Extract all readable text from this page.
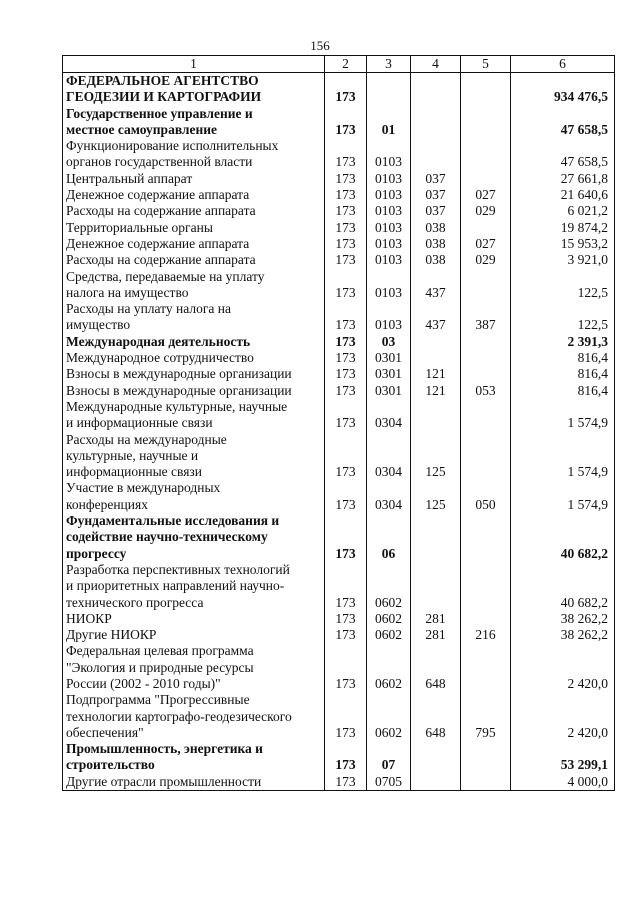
156
1	2	3	4	5	6
ФЕДЕРАЛЬНОЕ АГЕНТСТВО
ГЕОДЕЗИИ И КАРТОГРАФИИ	173				934 476,5
Государственное управление и
местное самоуправление	173	01			47 658,5
Функционирование исполнительных
органов государственной власти	173	0103			47 658,5
Центральный аппарат	173	0103	037		27 661,8
Денежное содержание аппарата	173	0103	037	027	21 640,6
Расходы на содержание аппарата	173	0103	037	029	6 021,2
Территориальные органы	173	0103	038		19 874,2
Денежное содержание аппарата	173	0103	038	027	15 953,2
Расходы на содержание аппарата	173	0103	038	029	3 921,0
Средства, передаваемые на уплату
налога на имущество	173	0103	437		122,5
Расходы на уплату налога на
имущество	173	0103	437	387	122,5
Международная деятельность	173	03			2 391,3
Международное сотрудничество	173	0301			816,4
Взносы в международные организации	173	0301	121		816,4
Взносы в международные организации	173	0301	121	053	816,4
Международные культурные, научные
и информационные связи	173	0304			1 574,9
Расходы на международные
культурные, научные и
информационные связи	173	0304	125		1 574,9
Участие в международных
конференциях	173	0304	125	050	1 574,9
Фундаментальные исследования и
содействие научно-техническому
прогрессу	173	06			40 682,2
Разработка перспективных технологий
и приоритетных направлений научно-
технического прогресса	173	0602			40 682,2
НИОКР	173	0602	281		38 262,2
Другие НИОКР	173	0602	281	216	38 262,2
Федеральная целевая программа
"Экология и природные ресурсы
России (2002 - 2010 годы)"	173	0602	648		2 420,0
Подпрограмма "Прогрессивные
технологии картографо-геодезического
обеспечения"	173	0602	648	795	2 420,0
Промышленность, энергетика и
строительство	173	07			53 299,1
Другие отрасли промышленности	173	0705			4 000,0
